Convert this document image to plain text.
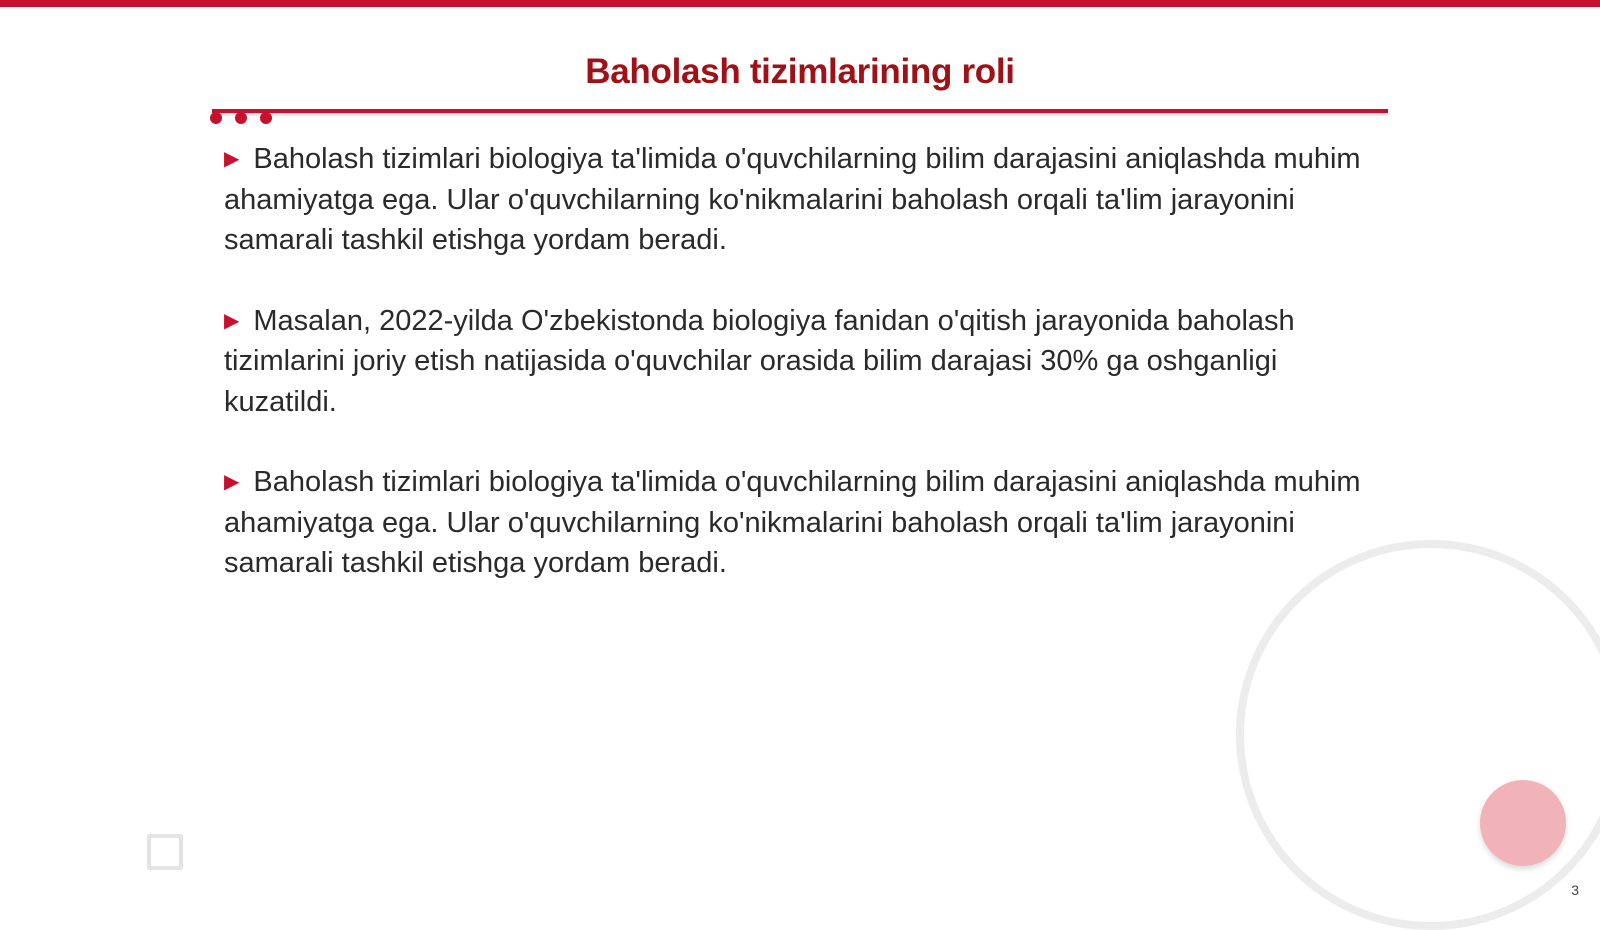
Baholash tizimlarining roli
▶ Baholash tizimlari biologiya ta'limida o'quvchilarning bilim darajasini aniqlashda muhim ahamiyatga ega. Ular o'quvchilarning ko'nikmalarini baholash orqali ta'lim jarayonini samarali tashkil etishga yordam beradi.
▶ Masalan, 2022-yilda O'zbekistonda biologiya fanidan o'qitish jarayonida baholash tizimlarini joriy etish natijasida o'quvchilar orasida bilim darajasi 30% ga oshganligi kuzatildi.
▶ Baholash tizimlari biologiya ta'limida o'quvchilarning bilim darajasini aniqlashda muhim ahamiyatga ega. Ular o'quvchilarning ko'nikmalarini baholash orqali ta'lim jarayonini samarali tashkil etishga yordam beradi.
3
